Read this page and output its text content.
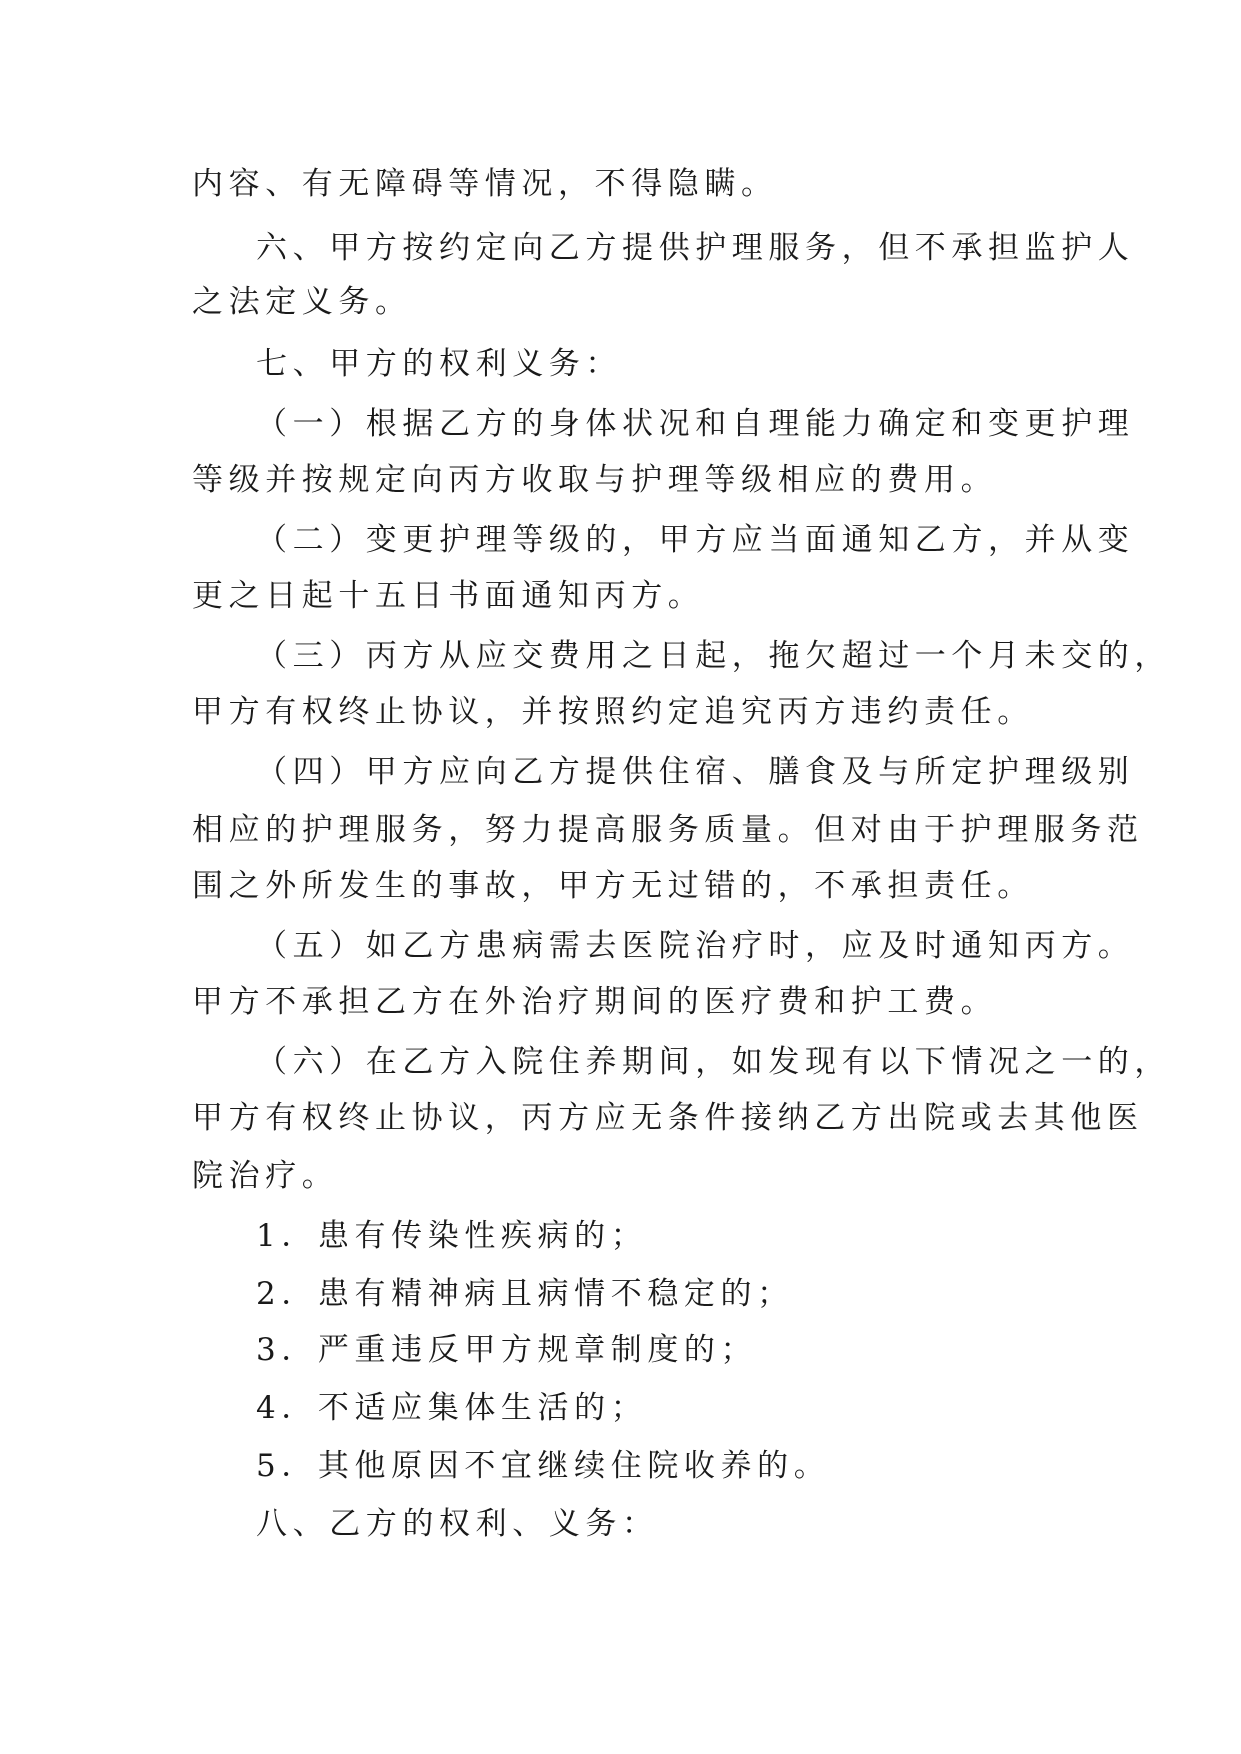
内容、有无障碍等情况，不得隐瞒。
六、甲方按约定向乙方提供护理服务，但不承担监护人
之法定义务。
七、甲方的权利义务：
（一）根据乙方的身体状况和自理能力确定和变更护理
等级并按规定向丙方收取与护理等级相应的费用。
（二）变更护理等级的，甲方应当面通知乙方，并从变
更之日起十五日书面通知丙方。
（三）丙方从应交费用之日起，拖欠超过一个月未交的，
甲方有权终止协议，并按照约定追究丙方违约责任。
（四）甲方应向乙方提供住宿、膳食及与所定护理级别
相应的护理服务，努力提高服务质量。但对由于护理服务范
围之外所发生的事故，甲方无过错的，不承担责任。
（五）如乙方患病需去医院治疗时，应及时通知丙方。
甲方不承担乙方在外治疗期间的医疗费和护工费。
（六）在乙方入院住养期间，如发现有以下情况之一的，
甲方有权终止协议，丙方应无条件接纳乙方出院或去其他医
院治疗。
1．患有传染性疾病的；
2．患有精神病且病情不稳定的；
3．严重违反甲方规章制度的；
4．不适应集体生活的；
5．其他原因不宜继续住院收养的。
八、乙方的权利、义务：
